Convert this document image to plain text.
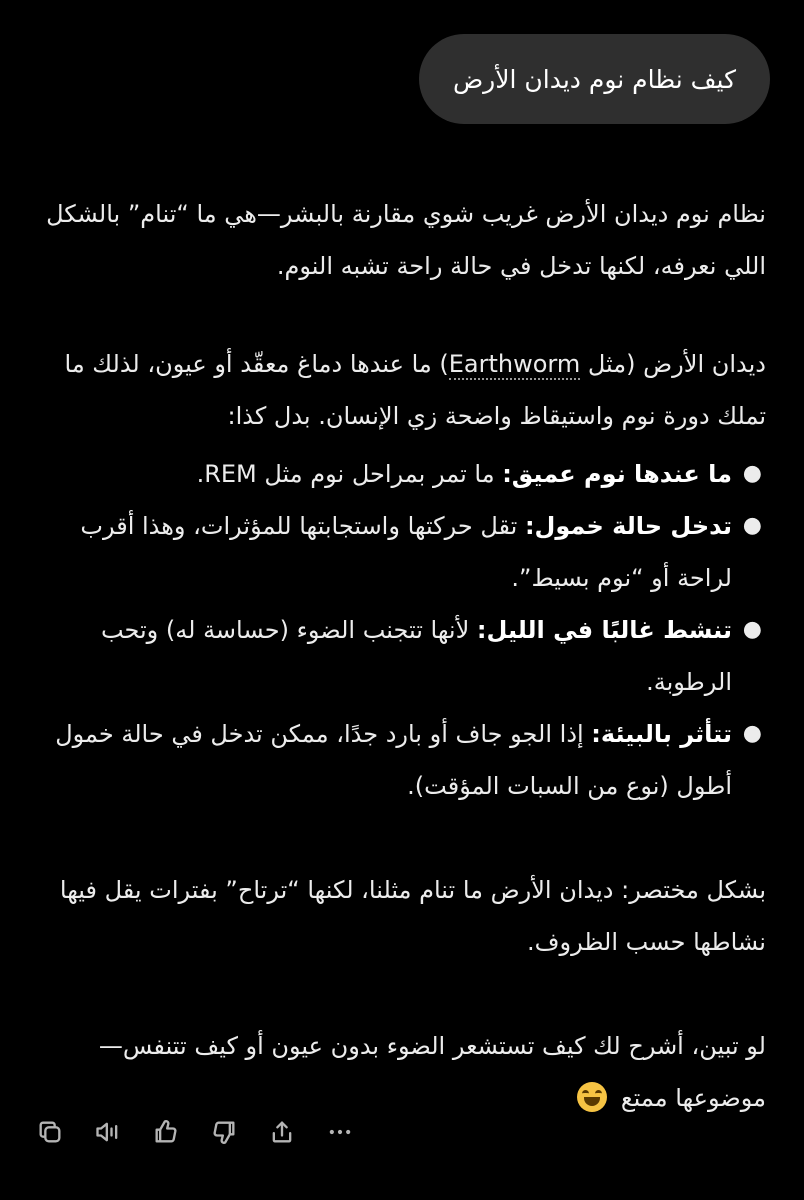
كيف نظام نوم ديدان الأرض

نظام نوم ديدان الأرض غريب شوي مقارنة بالبشر—هي ما “تنام” بالشكل اللي نعرفه، لكنها تدخل في حالة راحة تشبه النوم.

ديدان الأرض (مثل Earthworm) ما عندها دماغ معقّد أو عيون، لذلك ما تملك دورة نوم واستيقاظ واضحة زي الإنسان. بدل كذا:

●
ما عندها نوم عميق: ما تمر بمراحل نوم مثل REM.
●
تدخل حالة خمول: تقل حركتها واستجابتها للمؤثرات، وهذا أقرب لراحة أو “نوم بسيط”.
●
تنشط غالبًا في الليل: لأنها تتجنب الضوء (حساسة له) وتحب الرطوبة.
●
تتأثر بالبيئة: إذا الجو جاف أو بارد جدًا، ممكن تدخل في حالة خمول أطول (نوع من السبات المؤقت).

بشكل مختصر: ديدان الأرض ما تنام مثلنا، لكنها “ترتاح” بفترات يقل فيها نشاطها حسب الظروف.

لو تبين، أشرح لك كيف تستشعر الضوء بدون عيون أو كيف تتنفس—موضوعها ممتع
